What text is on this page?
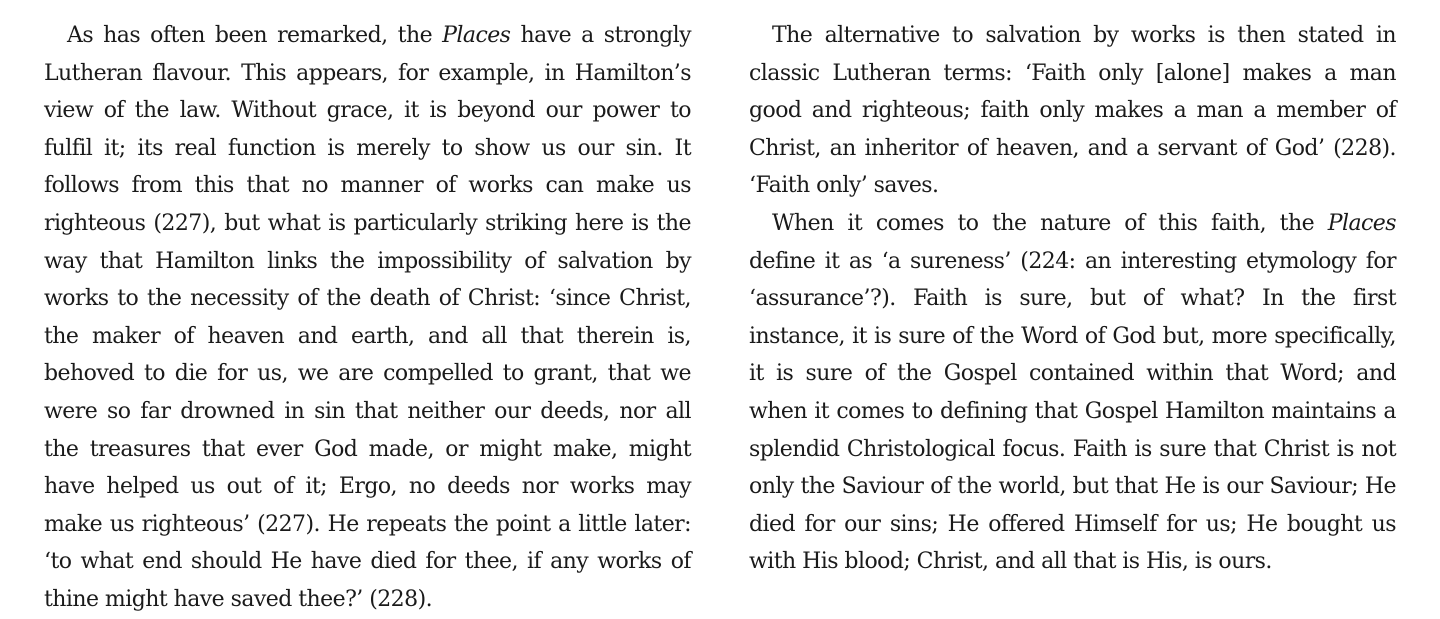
As has often been remarked, the Places have a strongly Lutheran flavour. This appears, for example, in Hamilton’s view of the law. Without grace, it is beyond our power to fulfil it; its real function is merely to show us our sin. It follows from this that no manner of works can make us righteous (227), but what is particularly striking here is the way that Hamilton links the impossibility of salvation by works to the necessity of the death of Christ: ‘since Christ, the maker of heaven and earth, and all that therein is, behoved to die for us, we are compelled to grant, that we were so far drowned in sin that neither our deeds, nor all the treasures that ever God made, or might make, might have helped us out of it; Ergo, no deeds nor works may make us righteous’ (227). He repeats the point a little later: ‘to what end should He have died for thee, if any works of thine might have saved thee?’ (228).

The alternative to salvation by works is then stated in classic Lutheran terms: ‘Faith only [alone] makes a man good and righteous; faith only makes a man a member of Christ, an inheritor of heaven, and a servant of God’ (228). ‘Faith only’ saves.

When it comes to the nature of this faith, the Places define it as ‘a sureness’ (224: an interesting etymology for ‘assurance’?). Faith is sure, but of what? In the first instance, it is sure of the Word of God but, more specifically, it is sure of the Gospel contained within that Word; and when it comes to defining that Gospel Hamilton maintains a splendid Christological focus. Faith is sure that Christ is not only the Saviour of the world, but that He is our Saviour; He died for our sins; He offered Himself for us; He bought us with His blood; Christ, and all that is His, is ours.
